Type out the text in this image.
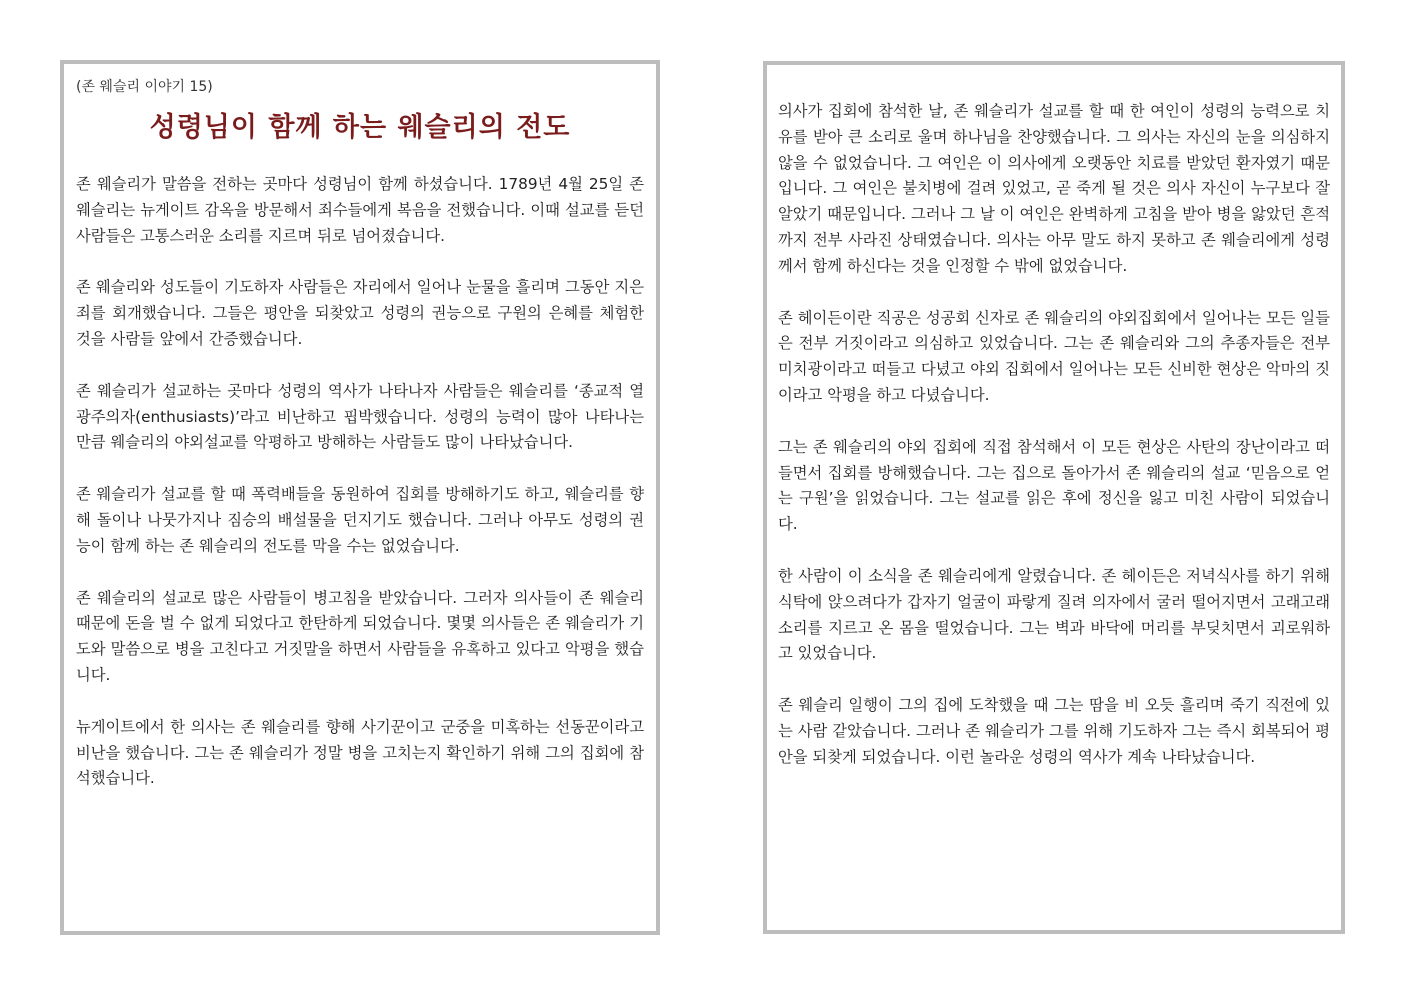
(존 웨슬리 이야기 15)
성령님이 함께 하는 웨슬리의 전도

존 웨슬리가 말씀을 전하는 곳마다 성령님이 함께 하셨습니다. 1789년 4월 25일 존 웨슬리는 뉴게이트 감옥을 방문해서 죄수들에게 복음을 전했습니다. 이때 설교를 듣던 사람들은 고통스러운 소리를 지르며 뒤로 넘어졌습니다.

존 웨슬리와 성도들이 기도하자 사람들은 자리에서 일어나 눈물을 흘리며 그동안 지은 죄를 회개했습니다. 그들은 평안을 되찾았고 성령의 권능으로 구원의 은혜를 체험한 것을 사람들 앞에서 간증했습니다.

존 웨슬리가 설교하는 곳마다 성령의 역사가 나타나자 사람들은 웨슬리를 ‘종교적 열광주의자(enthusiasts)’라고 비난하고 핍박했습니다. 성령의 능력이 많아 나타나는 만큼 웨슬리의 야외설교를 악평하고 방해하는 사람들도 많이 나타났습니다.

존 웨슬리가 설교를 할 때 폭력배들을 동원하여 집회를 방해하기도 하고, 웨슬리를 향해 돌이나 나뭇가지나 짐승의 배설물을 던지기도 했습니다. 그러나 아무도 성령의 권능이 함께 하는 존 웨슬리의 전도를 막을 수는 없었습니다.

존 웨슬리의 설교로 많은 사람들이 병고침을 받았습니다. 그러자 의사들이 존 웨슬리 때문에 돈을 벌 수 없게 되었다고 한탄하게 되었습니다. 몇몇 의사들은 존 웨슬리가 기도와 말씀으로 병을 고친다고 거짓말을 하면서 사람들을 유혹하고 있다고 악평을 했습니다.

뉴게이트에서 한 의사는 존 웨슬리를 향해 사기꾼이고 군중을 미혹하는 선동꾼이라고 비난을 했습니다. 그는 존 웨슬리가 정말 병을 고치는지 확인하기 위해 그의 집회에 참석했습니다.

의사가 집회에 참석한 날, 존 웨슬리가 설교를 할 때 한 여인이 성령의 능력으로 치유를 받아 큰 소리로 울며 하나님을 찬양했습니다. 그 의사는 자신의 눈을 의심하지 않을 수 없었습니다. 그 여인은 이 의사에게 오랫동안 치료를 받았던 환자였기 때문입니다. 그 여인은 불치병에 걸려 있었고, 곧 죽게 될 것은 의사 자신이 누구보다 잘 알았기 때문입니다. 그러나 그 날 이 여인은 완벽하게 고침을 받아 병을 앓았던 흔적까지 전부 사라진 상태였습니다. 의사는 아무 말도 하지 못하고 존 웨슬리에게 성령께서 함께 하신다는 것을 인정할 수 밖에 없었습니다.

존 헤이든이란 직공은 성공회 신자로 존 웨슬리의 야외집회에서 일어나는 모든 일들은 전부 거짓이라고 의심하고 있었습니다. 그는 존 웨슬리와 그의 추종자들은 전부 미치광이라고 떠들고 다녔고 야외 집회에서 일어나는 모든 신비한 현상은 악마의 짓이라고 악평을 하고 다녔습니다.

그는 존 웨슬리의 야외 집회에 직접 참석해서 이 모든 현상은 사탄의 장난이라고 떠들면서 집회를 방해했습니다. 그는 집으로 돌아가서 존 웨슬리의 설교 ‘믿음으로 얻는 구원’을 읽었습니다. 그는 설교를 읽은 후에 정신을 잃고 미친 사람이 되었습니다.

한 사람이 이 소식을 존 웨슬리에게 알렸습니다. 존 헤이든은 저녁식사를 하기 위해 식탁에 앉으려다가 갑자기 얼굴이 파랗게 질려 의자에서 굴러 떨어지면서 고래고래 소리를 지르고 온 몸을 떨었습니다. 그는 벽과 바닥에 머리를 부딪치면서 괴로워하고 있었습니다.

존 웨슬리 일행이 그의 집에 도착했을 때 그는 땀을 비 오듯 흘리며 죽기 직전에 있는 사람 같았습니다. 그러나 존 웨슬리가 그를 위해 기도하자 그는 즉시 회복되어 평안을 되찾게 되었습니다. 이런 놀라운 성령의 역사가 계속 나타났습니다.
